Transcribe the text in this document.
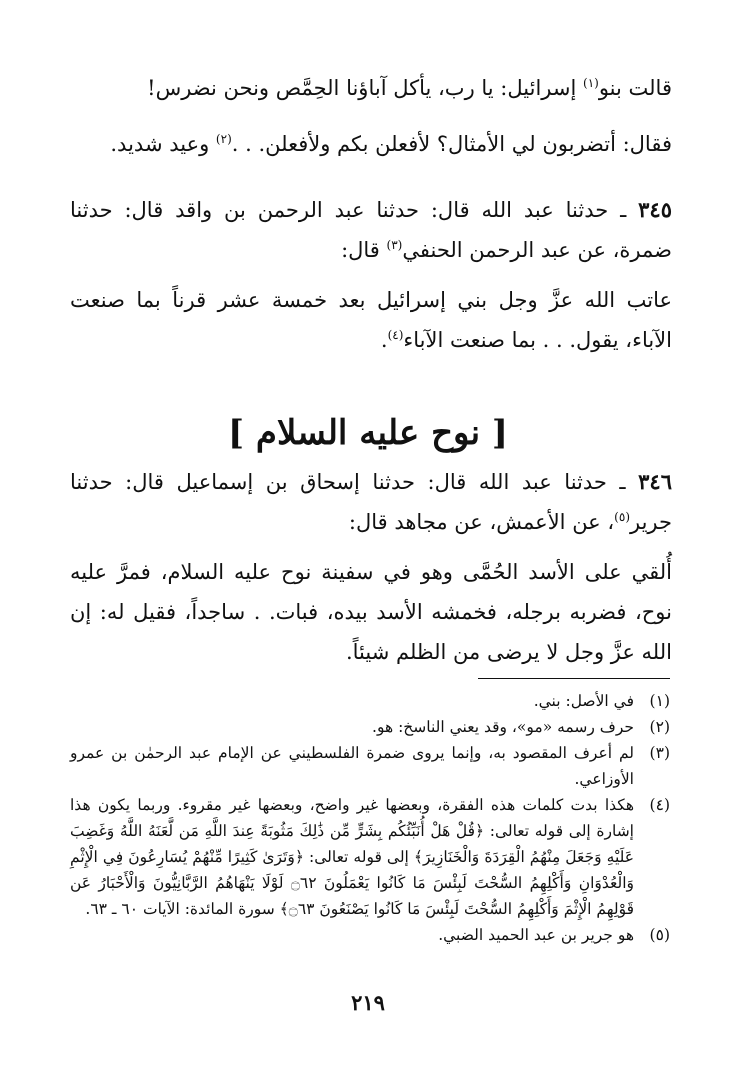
قالت بنو$^{(١)}$ إسرائيل: يا رب، يأكل آباؤنا الحِمَّص ونحن نضرس!

فقال: أتضربون لي الأمثال؟ لأفعلن بكم ولأفعلن. . .$^{(٢)}$ وعيد شديد.

٣٤٥ ـ حدثنا عبد الله قال: حدثنا عبد الرحمن بن واقد قال: حدثنا ضمرة، عن عبد الرحمن الحنفي$^{(٣)}$ قال:

عاتب الله عزَّ وجل بني إسرائيل بعد خمسة عشر قرناً بما صنعت الآباء، يقول. . . بما صنعت الآباء$^{(٤)}$.

[ نوح عليه السلام ]

٣٤٦ ـ حدثنا عبد الله قال: حدثنا إسحاق بن إسماعيل قال: حدثنا جرير$^{(٥)}$، عن الأعمش، عن مجاهد قال:

أُلقي على الأسد الحُمَّى وهو في سفينة نوح عليه السلام، فمرَّ عليه نوح، فضربه برجله، فخمشه الأسد بيده، فبات. . ساجداً، فقيل له: إن الله عزَّ وجل لا يرضى من الظلم شيئاً.

(١)
في الأصل: بني.
(٢)
حرف رسمه «مو»، وقد يعني الناسخ: هو.
(٣)
لم أعرف المقصود به، وإنما يروى ضمرة الفلسطيني عن الإمام عبد الرحمٰن بن عمرو الأوزاعي.
(٤)
هكذا بدت كلمات هذه الفقرة، وبعضها غير واضح، وبعضها غير مقروء. وربما يكون هذا إشارة إلى قوله تعالى: ﴿قُلْ هَلْ أُنَبِّئُكُم بِشَرٍّ مِّن ذَٰلِكَ مَثُوبَةً عِندَ اللَّهِ مَن لَّعَنَهُ اللَّهُ وَغَضِبَ عَلَيْهِ وَجَعَلَ مِنْهُمُ الْقِرَدَةَ وَالْخَنَازِيرَ﴾ إلى قوله تعالى: ﴿وَتَرَىٰ كَثِيرًا مِّنْهُمْ يُسَارِعُونَ فِي الْإِثْمِ وَالْعُدْوَانِ وَأَكْلِهِمُ السُّحْتَ لَبِئْسَ مَا كَانُوا يَعْمَلُونَ ۝٦٢ لَوْلَا يَنْهَاهُمُ الرَّبَّانِيُّونَ وَالْأَحْبَارُ عَن قَوْلِهِمُ الْإِثْمَ وَأَكْلِهِمُ السُّحْتَ لَبِئْسَ مَا كَانُوا يَصْنَعُونَ ۝٦٣﴾ سورة المائدة: الآيات ٦٠ ـ ٦٣.
(٥)
هو جرير بن عبد الحميد الضبي.
٢١٩
